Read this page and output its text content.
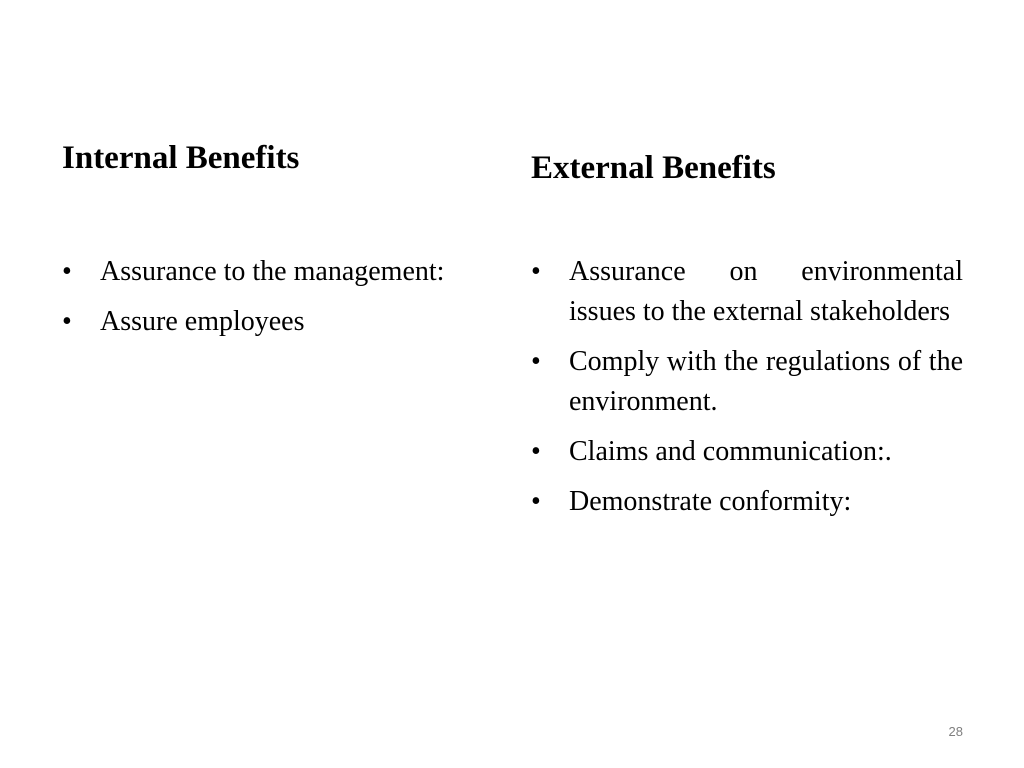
Internal Benefits
•	Assurance to the management:
•	Assure employees
External Benefits
•	Assurance on environmental issues to the external stakeholders
•	Comply with the regulations of the environment.
•	Claims and communication:.
•	Demonstrate conformity:
28
